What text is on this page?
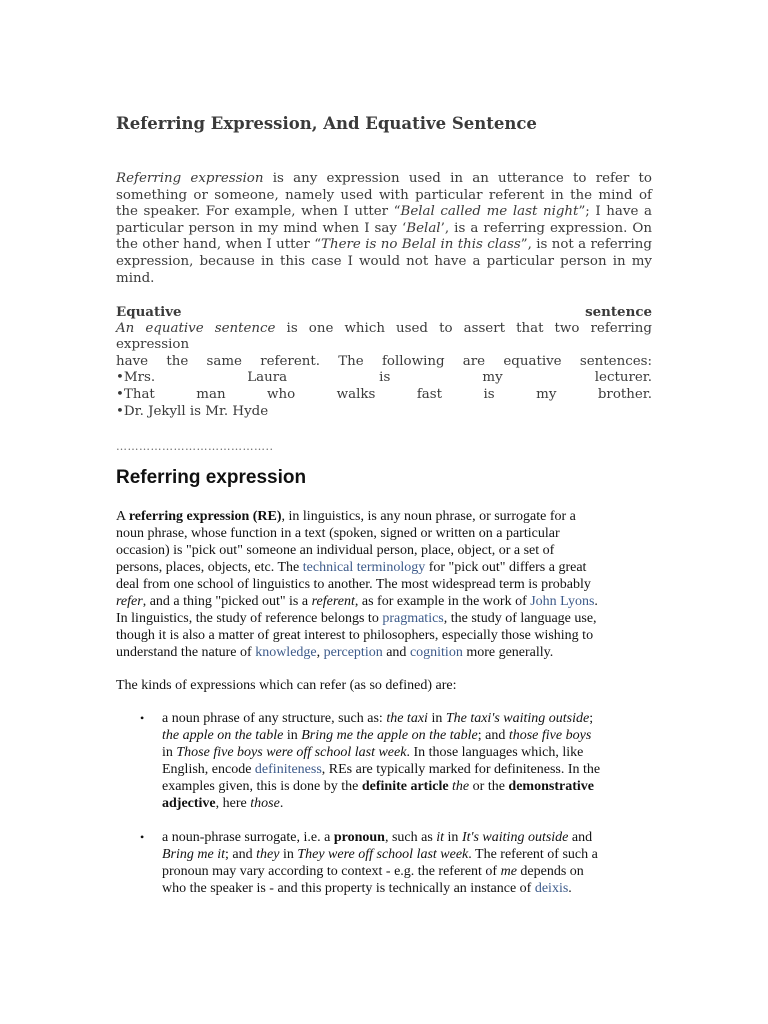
Referring Expression, And Equative Sentence
Referring expression is any expression used in an utterance to refer to
something or someone, namely used with particular referent in the mind of
the speaker. For example, when I utter “Belal called me last night”; I have a
particular person in my mind when I say ‘Belal’, is a referring expression. On
the other hand, when I utter “There is no Belal in this class”, is not a referring
expression, because in this case I would not have a particular person in my
mind.
Equative	sentence
An equative sentence is one which used to assert that two referring expression
have the same referent. The following are equative sentences:
•Mrs. Laura is my lecturer.
•That man who walks fast is my brother.
•Dr. Jekyll is Mr. Hyde
…………………………………..
Referring expression
A referring expression (RE), in linguistics, is any noun phrase, or surrogate for a
noun phrase, whose function in a text (spoken, signed or written on a particular
occasion) is "pick out" someone an individual person, place, object, or a set of
persons, places, objects, etc. The technical terminology for "pick out" differs a great
deal from one school of linguistics to another. The most widespread term is probably
refer, and a thing "picked out" is a referent, as for example in the work of John Lyons.
In linguistics, the study of reference belongs to pragmatics, the study of language use,
though it is also a matter of great interest to philosophers, especially those wishing to
understand the nature of knowledge, perception and cognition more generally.
The kinds of expressions which can refer (as so defined) are:
• a noun phrase of any structure, such as: the taxi in The taxi's waiting outside;
the apple on the table in Bring me the apple on the table; and those five boys
in Those five boys were off school last week. In those languages which, like
English, encode definiteness, REs are typically marked for definiteness. In the
examples given, this is done by the definite article the or the demonstrative
adjective, here those.
• a noun-phrase surrogate, i.e. a pronoun, such as it in It's waiting outside and
Bring me it; and they in They were off school last week. The referent of such a
pronoun may vary according to context - e.g. the referent of me depends on
who the speaker is - and this property is technically an instance of deixis.
